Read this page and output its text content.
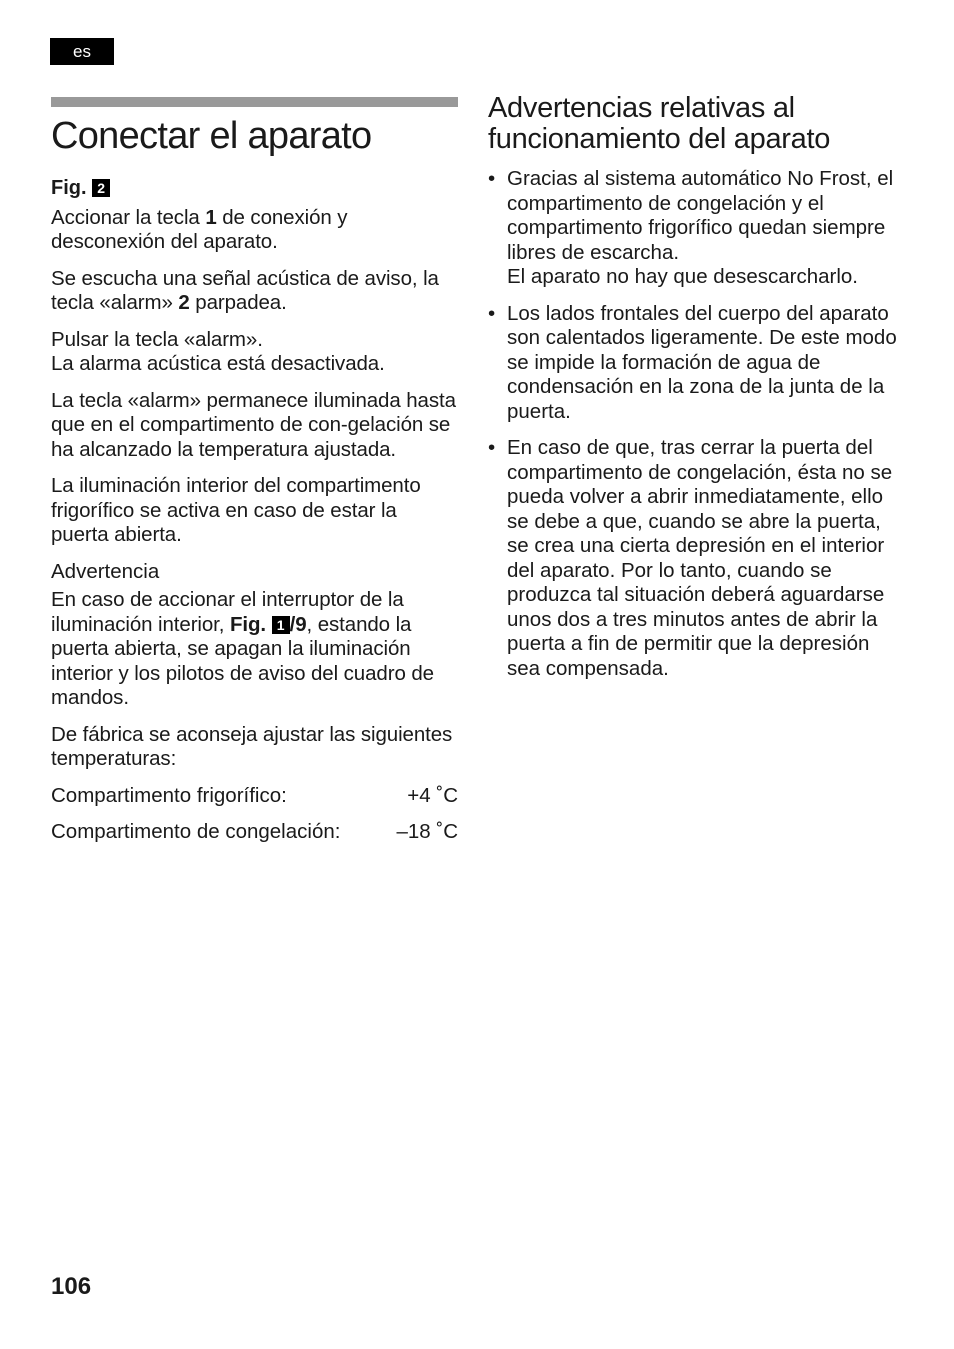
es
Conectar el aparato

Fig. 2

Accionar la tecla 1 de conexión y desconexión del aparato.

Se escucha una señal acústica de aviso, la tecla «alarm» 2 parpadea.

Pulsar la tecla «alarm».
La alarma acústica está desactivada.

La tecla «alarm» permanece iluminada hasta que en el compartimento de con-gelación se ha alcanzado la temperatura ajustada.

La iluminación interior del compartimento frigorífico se activa en caso de estar la puerta abierta.

Advertencia

En caso de accionar el interruptor de la iluminación interior, Fig. 1 /9, estando la puerta abierta, se apagan la iluminación interior y los pilotos de aviso del cuadro de mandos.

De fábrica se aconseja ajustar las siguientes temperaturas:

Compartimento frigorífico:	+4 ˚C
Compartimento de congelación:	–18 ˚C
Advertencias relativas al funcionamiento del aparato
• Gracias al sistema automático No Frost, el compartimento de congelación y el compartimento frigorífico quedan siempre libres de escarcha.
El aparato no hay que desescarcharlo.
• Los lados frontales del cuerpo del aparato son calentados ligeramente. De este modo se impide la formación de agua de condensación en la zona de la junta de la puerta.
• En caso de que, tras cerrar la puerta del compartimento de congelación, ésta no se pueda volver a abrir inmediatamente, ello se debe a que, cuando se abre la puerta, se crea una cierta depresión en el interior del aparato. Por lo tanto, cuando se produzca tal situación deberá aguardarse unos dos a tres minutos antes de abrir la puerta a fin de permitir que la depresión sea compensada.
106
